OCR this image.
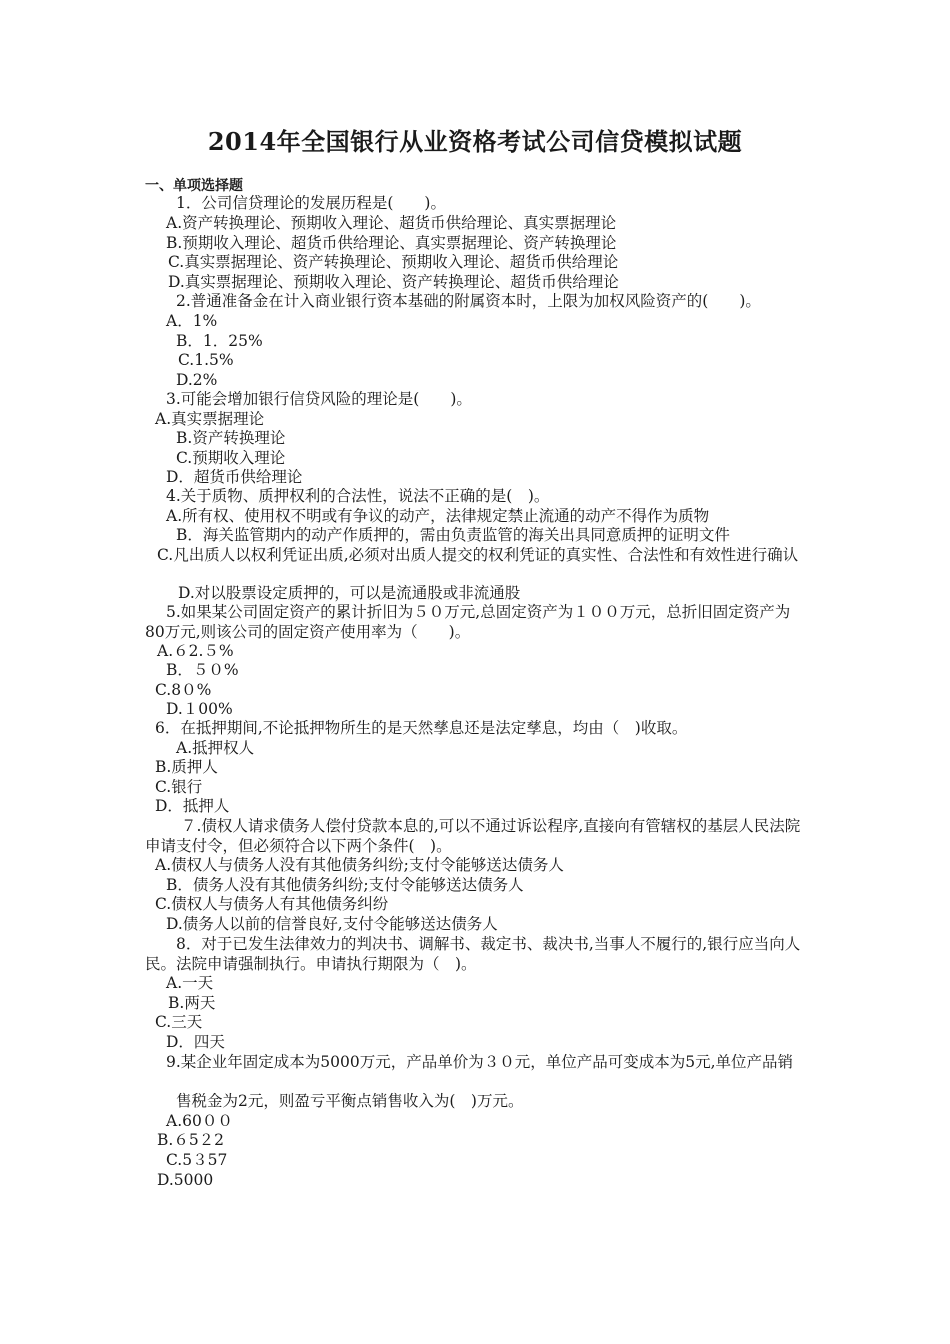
2014年全国银行从业资格考试公司信贷模拟试题
一、单项选择题
1．公司信贷理论的发展历程是(　　)。
A.资产转换理论、预期收入理论、超货币供给理论、真实票据理论
B.预期收入理论、超货币供给理论、真实票据理论、资产转换理论
C.真实票据理论、资产转换理论、预期收入理论、超货币供给理论
D.真实票据理论、预期收入理论、资产转换理论、超货币供给理论
2.普通准备金在计入商业银行资本基础的附属资本时，上限为加权风险资产的(　　)。
A．1%
B．1．25%
C.1.5%
D.2%
3.可能会增加银行信贷风险的理论是(　　)。
A.真实票据理论
B.资产转换理论
C.预期收入理论
D．超货币供给理论
4.关于质物、质押权利的合法性，说法不正确的是(　)。
A.所有权、使用权不明或有争议的动产，法律规定禁止流通的动产不得作为质物
B．海关监管期内的动产作质押的，需由负责监管的海关出具同意质押的证明文件
C.凡出质人以权利凭证出质,必须对出质人提交的权利凭证的真实性、合法性和有效性进行确认
D.对以股票设定质押的，可以是流通股或非流通股
5.如果某公司固定资产的累计折旧为５０万元,总固定资产为１００万元，总折旧固定资产为80万元,则该公司的固定资产使用率为（　　)。
A.６2.５%
B．５０%
C.8０%
D.１00%
6．在抵押期间,不论抵押物所生的是天然孳息还是法定孳息，均由（　)收取。
A.抵押权人
B.质押人
C.银行
D．抵押人
７.债权人请求债务人偿付贷款本息的,可以不通过诉讼程序,直接向有管辖权的基层人民法院申请支付令，但必须符合以下两个条件(　)。
A.债权人与债务人没有其他债务纠纷;支付令能够送达债务人
B．债务人没有其他债务纠纷;支付令能够送达债务人
C.债权人与债务人有其他债务纠纷
D.债务人以前的信誉良好,支付令能够送达债务人
8．对于已发生法律效力的判决书、调解书、裁定书、裁决书,当事人不履行的,银行应当向人民。法院申请强制执行。申请执行期限为（　)。
A.一天
B.两天
C.三天
D．四天
9.某企业年固定成本为5000万元，产品单价为３０元，单位产品可变成本为5元,单位产品销
售税金为2元，则盈亏平衡点销售收入为(　)万元。
A.60００
B.６5２2
C.5３57
D.5000
